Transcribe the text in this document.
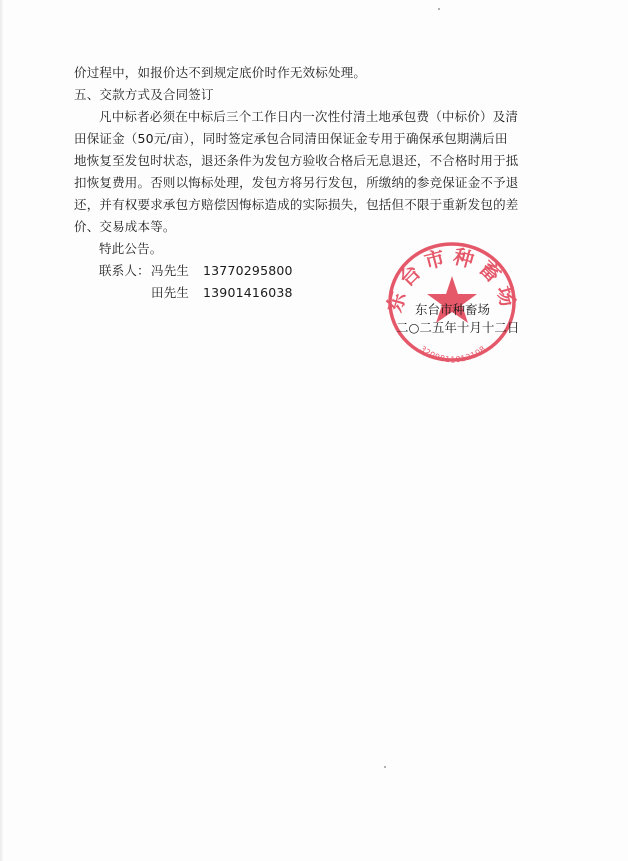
价过程中，如报价达不到规定底价时作无效标处理。

五、交款方式及合同签订

凡中标者必须在中标后三个工作日内一次性付清土地承包费（中标价）及清

田保证金（50元/亩），同时签定承包合同清田保证金专用于确保承包期满后田

地恢复至发包时状态，退还条件为发包方验收合格后无息退还，不合格时用于抵

扣恢复费用。否则以悔标处理，发包方将另行发包，所缴纳的参竞保证金不予退

还，并有权要求承包方赔偿因悔标造成的实际损失，包括但不限于重新发包的差

价、交易成本等。

特此公告。

联系人：冯先生 13770295800
田先生 13901416038	东台市种畜场
3209811012108
东台市种畜场
二○二五年十月十二日
